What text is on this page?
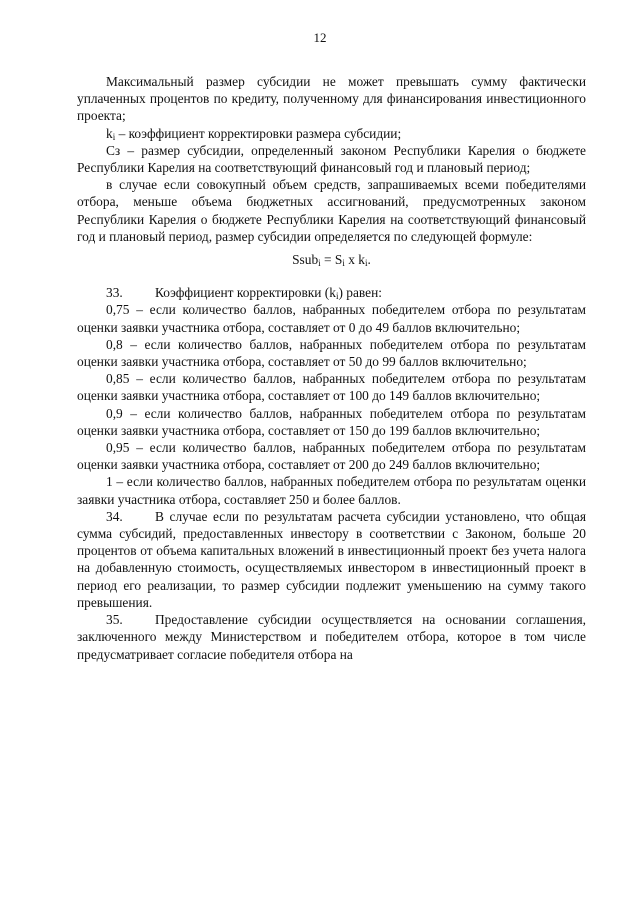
12

Максимальный размер субсидии не может превышать сумму фактически уплаченных процентов по кредиту, полученному для финансирования инвестиционного проекта;

$k_i$ – коэффициент корректировки размера субсидии;

Сз – размер субсидии, определенный законом Республики Карелия о бюджете Республики Карелия на соответствующий финансовый год и плановый период;

в случае если совокупный объем средств, запрашиваемых всеми победителями отбора, меньше объема бюджетных ассигнований, предусмотренных законом Республики Карелия о бюджете Республики Карелия на соответствующий финансовый год и плановый период, размер субсидии определяется по следующей формуле:

Ssub$_i$ = $S_i$ x $k_i$.

33. Коэффициент корректировки $(k_i)$ равен:

0,75 – если количество баллов, набранных победителем отбора по результатам оценки заявки участника отбора, составляет от 0 до 49 баллов включительно;

0,8 – если количество баллов, набранных победителем отбора по результатам оценки заявки участника отбора, составляет от 50 до 99 баллов включительно;

0,85 – если количество баллов, набранных победителем отбора по результатам оценки заявки участника отбора, составляет от 100 до 149 баллов включительно;

0,9 – если количество баллов, набранных победителем отбора по результатам оценки заявки участника отбора, составляет от 150 до 199 баллов включительно;

0,95 – если количество баллов, набранных победителем отбора по результатам оценки заявки участника отбора, составляет от 200 до 249 баллов включительно;

1 – если количество баллов, набранных победителем отбора по результатам оценки заявки участника отбора, составляет 250 и более баллов.

34. В случае если по результатам расчета субсидии установлено, что общая сумма субсидий, предоставленных инвестору в соответствии с Законом, больше 20 процентов от объема капитальных вложений в инвестиционный проект без учета налога на добавленную стоимость, осуществляемых инвестором в инвестиционный проект в период его реализации, то размер субсидии подлежит уменьшению на сумму такого превышения.

35. Предоставление субсидии осуществляется на основании соглашения, заключенного между Министерством и победителем отбора, которое в том числе предусматривает согласие победителя отбора на
